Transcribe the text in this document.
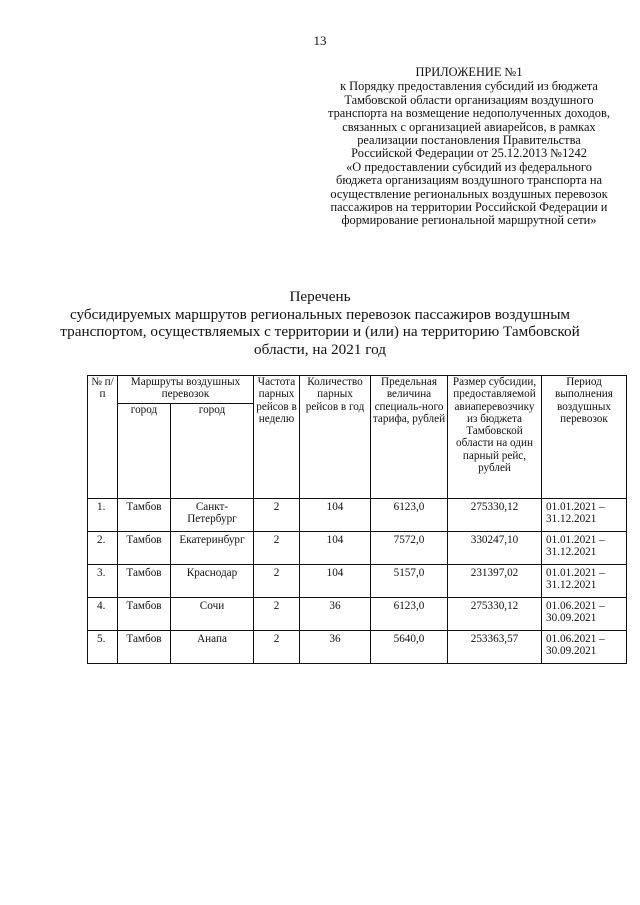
13
ПРИЛОЖЕНИЕ №1
к Порядку предоставления субсидий из бюджета
Тамбовской области организациям воздушного
транспорта на возмещение недополученных доходов,
связанных с организацией авиарейсов, в рамках
реализации постановления Правительства
Российской Федерации от 25.12.2013 №1242
«О предоставлении субсидий из федерального
бюджета организациям воздушного транспорта на
осуществление региональных воздушных перевозок
пассажиров на территории Российской Федерации и
формирование региональной маршрутной сети»
Перечень
субсидируемых маршрутов региональных перевозок пассажиров воздушным
транспортом, осуществляемых с территории и (или) на территорию Тамбовской
области, на 2021 год
№ п/п	Маршруты воздушных перевозок		Частота парных рейсов в неделю	Количество парных рейсов в год	Предельная величина специаль-ного тарифа, рублей	Размер субсидии, предоставляемой авиаперевозчику из бюджета Тамбовской области на один парный рейс, рублей	Период выполнения воздушных перевозок
	город	город					
1.	Тамбов	Санкт-Петербург	2	104	6123,0	275330,12	01.01.2021 – 31.12.2021
2.	Тамбов	Екатеринбург	2	104	7572,0	330247,10	01.01.2021 – 31.12.2021
3.	Тамбов	Краснодар	2	104	5157,0	231397,02	01.01.2021 – 31.12.2021
4.	Тамбов	Сочи	2	36	6123,0	275330,12	01.06.2021 – 30.09.2021
5.	Тамбов	Анапа	2	36	5640,0	253363,57	01.06.2021 – 30.09.2021
